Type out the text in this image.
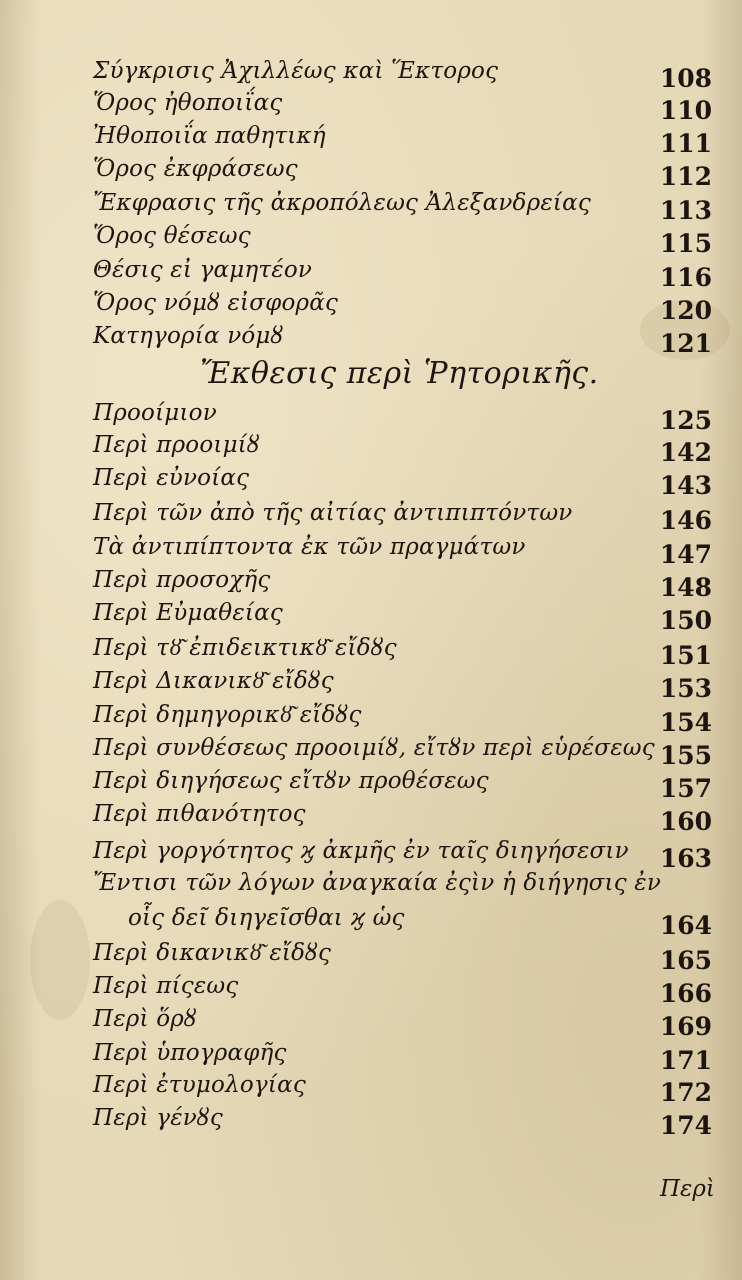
Ἔκθεσις περὶ Ῥητορικῆς.
Περὶ
Σύγκρισις Ἀχιλλέως καὶ Ἕκτορος	108
Ὅρος ἠθοποιΐας	110
Ἠθοποιΐα παθητική	111
Ὅρος ἐκφράσεως	112
Ἔκφρασις τῆς ἀκροπόλεως Ἀλεξανδρείας	113
Ὅρος θέσεως	115
Θέσις εἰ γαμητέον	116
Ὅρος νόμȣ εἰσφορᾶς	120
Κατηγορία νόμȣ	121
Προοίμιον	125
Περὶ προοιμίȣ	142
Περὶ εὐνοίας	143
Περὶ τῶν ἀπὸ τῆς αἰτίας ἀντιπιπτόντων	146
Τὰ ἀντιπίπτοντα ἐκ τῶν πραγμάτων	147
Περὶ προσοχῆς	148
Περὶ Εὐμαθείας	150
Περὶ τȣ͂ ἐπιδεικτικȣ͂ εἴδȣς	151
Περὶ Δικανικȣ͂ εἴδȣς	153
Περὶ δημηγορικȣ͂ εἴδȣς	154
Περὶ συνθέσεως προοιμίȣ, εἴτȣν περὶ εὑρέσεως 155
Περὶ διηγήσεως εἴτȣν προθέσεως	157
Περὶ πιθανότητος	160
Περὶ γοργότητος ϗ ἀκμῆς ἐν ταῖς διηγήσεσιν	163
Ἔντισι τῶν λόγων ἀναγκαία ἐςὶν ἡ διήγησις ἐν
οἷς δεῖ διηγεῖσθαι ϗ ὡς	164
Περὶ δικανικȣ͂ εἴδȣς	165
Περὶ πίςεως	166
Περὶ ὅρȣ	169
Περὶ ὑπογραφῆς	171
Περὶ ἐτυμολογίας	172
Περὶ γένȣς	174
